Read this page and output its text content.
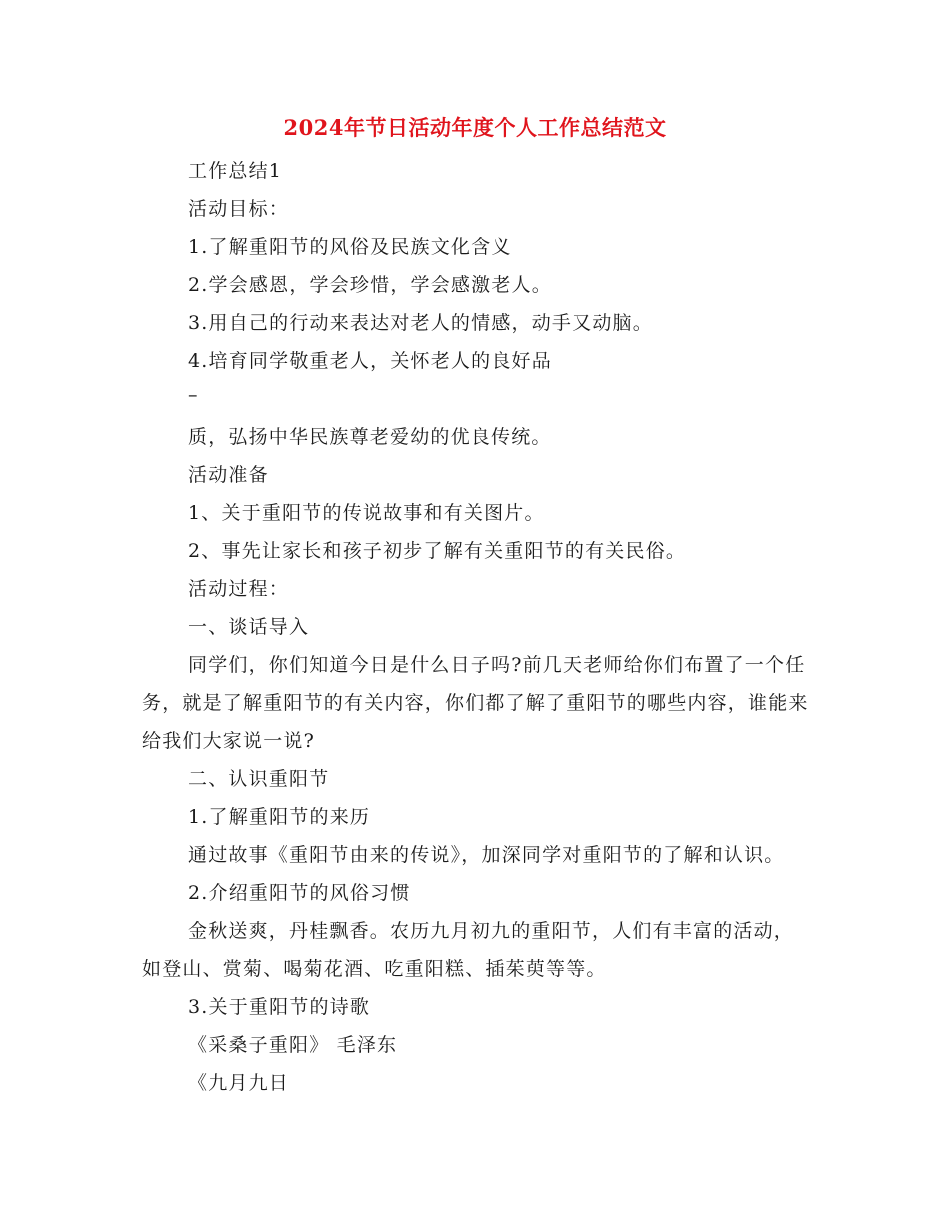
2024年节日活动年度个人工作总结范文

工作总结1

活动目标：

1.了解重阳节的风俗及民族文化含义

2.学会感恩，学会珍惜，学会感激老人。

3.用自己的行动来表达对老人的情感，动手又动脑。

4.培育同学敬重老人，关怀老人的良好品

–

质，弘扬中华民族尊老爱幼的优良传统。

活动准备

1、关于重阳节的传说故事和有关图片。

2、事先让家长和孩子初步了解有关重阳节的有关民俗。

活动过程：

一、谈话导入

同学们，你们知道今日是什么日子吗?前几天老师给你们布置了一个任务，就是了解重阳节的有关内容，你们都了解了重阳节的哪些内容，谁能来给我们大家说一说?

二、认识重阳节

1.了解重阳节的来历

通过故事《重阳节由来的传说》，加深同学对重阳节的了解和认识。

2.介绍重阳节的风俗习惯

金秋送爽，丹桂飘香。农历九月初九的重阳节，人们有丰富的活动，如登山、赏菊、喝菊花酒、吃重阳糕、插茱萸等等。

3.关于重阳节的诗歌

《采桑子重阳》 毛泽东

《九月九日
